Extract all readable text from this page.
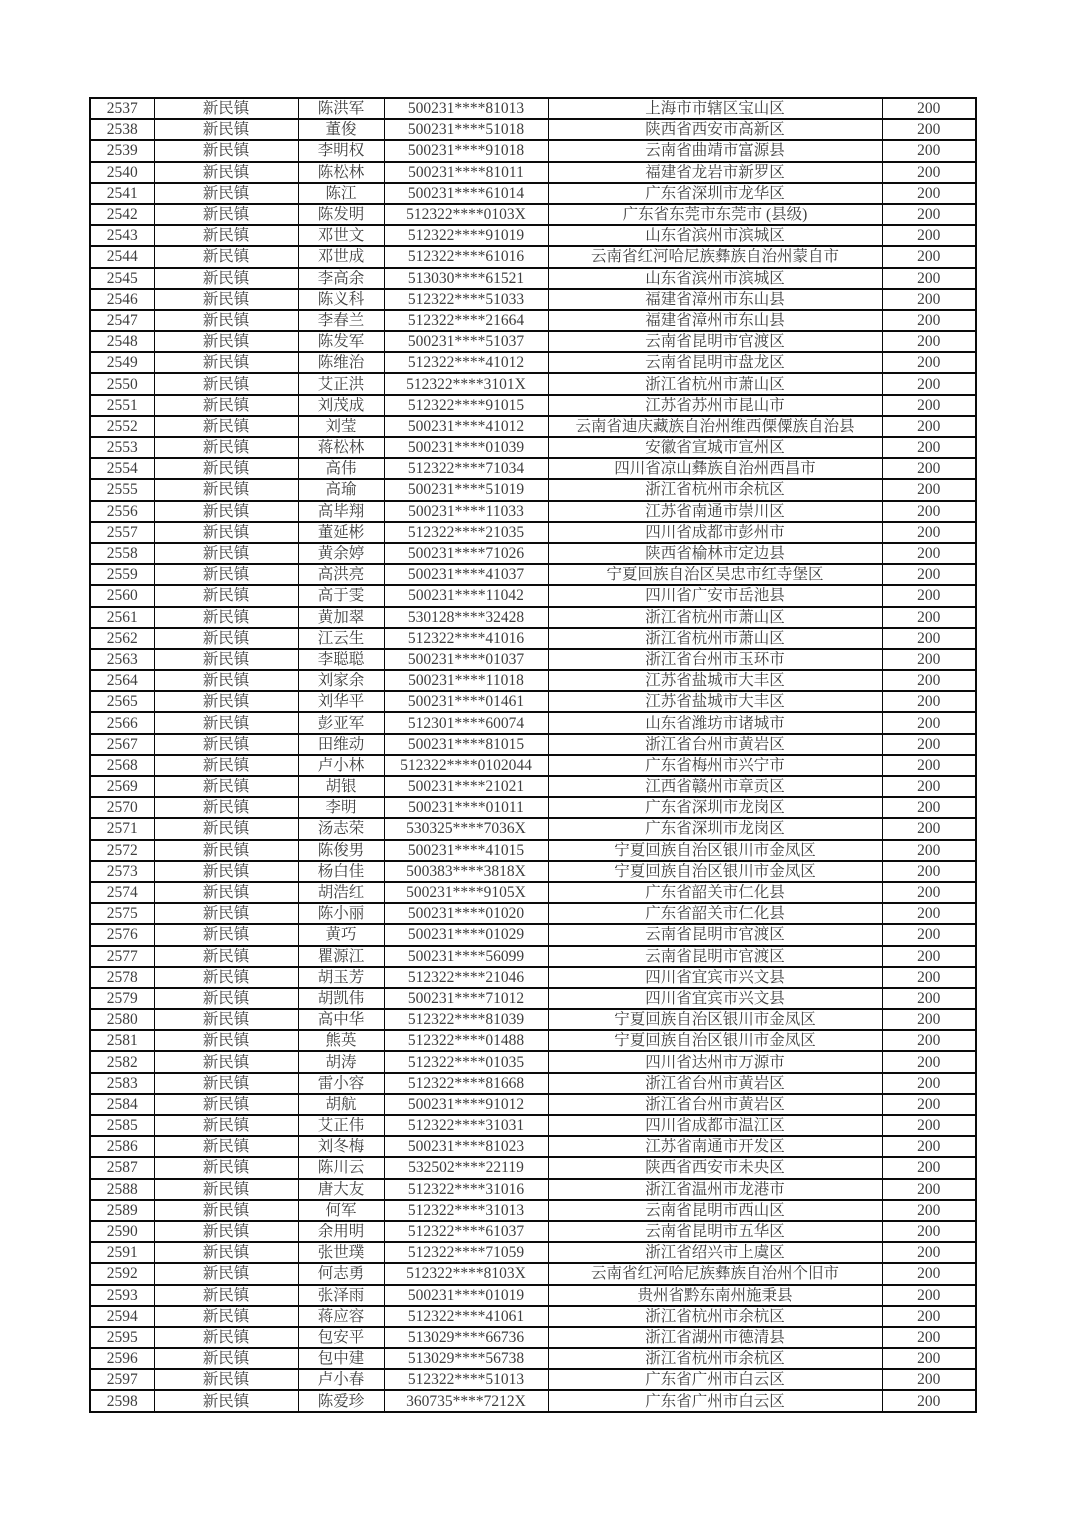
2537	新民镇	陈洪军	500231****81013	上海市市辖区宝山区	200
2538	新民镇	董俊	500231****51018	陕西省西安市高新区	200
2539	新民镇	李明权	500231****91018	云南省曲靖市富源县	200
2540	新民镇	陈松林	500231****81011	福建省龙岩市新罗区	200
2541	新民镇	陈江	500231****61014	广东省深圳市龙华区	200
2542	新民镇	陈发明	512322****0103X	广东省东莞市东莞市 (县级)	200
2543	新民镇	邓世文	512322****91019	山东省滨州市滨城区	200
2544	新民镇	邓世成	512322****61016	云南省红河哈尼族彝族自治州蒙自市	200
2545	新民镇	李高余	513030****61521	山东省滨州市滨城区	200
2546	新民镇	陈义科	512322****51033	福建省漳州市东山县	200
2547	新民镇	李春兰	512322****21664	福建省漳州市东山县	200
2548	新民镇	陈发军	500231****51037	云南省昆明市官渡区	200
2549	新民镇	陈维治	512322****41012	云南省昆明市盘龙区	200
2550	新民镇	艾正洪	512322****3101X	浙江省杭州市萧山区	200
2551	新民镇	刘茂成	512322****91015	江苏省苏州市昆山市	200
2552	新民镇	刘莹	500231****41012	云南省迪庆藏族自治州维西傈僳族自治县	200
2553	新民镇	蒋松林	500231****01039	安徽省宣城市宣州区	200
2554	新民镇	高伟	512322****71034	四川省凉山彝族自治州西昌市	200
2555	新民镇	高瑜	500231****51019	浙江省杭州市余杭区	200
2556	新民镇	高毕翔	500231****11033	江苏省南通市崇川区	200
2557	新民镇	董延彬	512322****21035	四川省成都市彭州市	200
2558	新民镇	黄余婷	500231****71026	陕西省榆林市定边县	200
2559	新民镇	高洪亮	500231****41037	宁夏回族自治区吴忠市红寺堡区	200
2560	新民镇	高于雯	500231****11042	四川省广安市岳池县	200
2561	新民镇	黄加翠	530128****32428	浙江省杭州市萧山区	200
2562	新民镇	江云生	512322****41016	浙江省杭州市萧山区	200
2563	新民镇	李聪聪	500231****01037	浙江省台州市玉环市	200
2564	新民镇	刘家余	500231****11018	江苏省盐城市大丰区	200
2565	新民镇	刘华平	500231****01461	江苏省盐城市大丰区	200
2566	新民镇	彭亚军	512301****60074	山东省潍坊市诸城市	200
2567	新民镇	田维动	500231****81015	浙江省台州市黄岩区	200
2568	新民镇	卢小林	512322****0102044	广东省梅州市兴宁市	200
2569	新民镇	胡银	500231****21021	江西省赣州市章贡区	200
2570	新民镇	李明	500231****01011	广东省深圳市龙岗区	200
2571	新民镇	汤志荣	530325****7036X	广东省深圳市龙岗区	200
2572	新民镇	陈俊男	500231****41015	宁夏回族自治区银川市金凤区	200
2573	新民镇	杨白佳	500383****3818X	宁夏回族自治区银川市金凤区	200
2574	新民镇	胡浩红	500231****9105X	广东省韶关市仁化县	200
2575	新民镇	陈小丽	500231****01020	广东省韶关市仁化县	200
2576	新民镇	黄巧	500231****01029	云南省昆明市官渡区	200
2577	新民镇	瞿源江	500231****56099	云南省昆明市官渡区	200
2578	新民镇	胡玉芳	512322****21046	四川省宜宾市兴文县	200
2579	新民镇	胡凯伟	500231****71012	四川省宜宾市兴文县	200
2580	新民镇	高中华	512322****81039	宁夏回族自治区银川市金凤区	200
2581	新民镇	熊英	512322****01488	宁夏回族自治区银川市金凤区	200
2582	新民镇	胡涛	512322****01035	四川省达州市万源市	200
2583	新民镇	雷小容	512322****81668	浙江省台州市黄岩区	200
2584	新民镇	胡航	500231****91012	浙江省台州市黄岩区	200
2585	新民镇	艾正伟	512322****31031	四川省成都市温江区	200
2586	新民镇	刘冬梅	500231****81023	江苏省南通市开发区	200
2587	新民镇	陈川云	532502****22119	陕西省西安市未央区	200
2588	新民镇	唐大友	512322****31016	浙江省温州市龙港市	200
2589	新民镇	何军	512322****31013	云南省昆明市西山区	200
2590	新民镇	余用明	512322****61037	云南省昆明市五华区	200
2591	新民镇	张世璞	512322****71059	浙江省绍兴市上虞区	200
2592	新民镇	何志勇	512322****8103X	云南省红河哈尼族彝族自治州个旧市	200
2593	新民镇	张泽雨	500231****01019	贵州省黔东南州施秉县	200
2594	新民镇	蒋应容	512322****41061	浙江省杭州市余杭区	200
2595	新民镇	包安平	513029****66736	浙江省湖州市德清县	200
2596	新民镇	包中建	513029****56738	浙江省杭州市余杭区	200
2597	新民镇	卢小春	512322****51013	广东省广州市白云区	200
2598	新民镇	陈爱珍	360735****7212X	广东省广州市白云区	200
